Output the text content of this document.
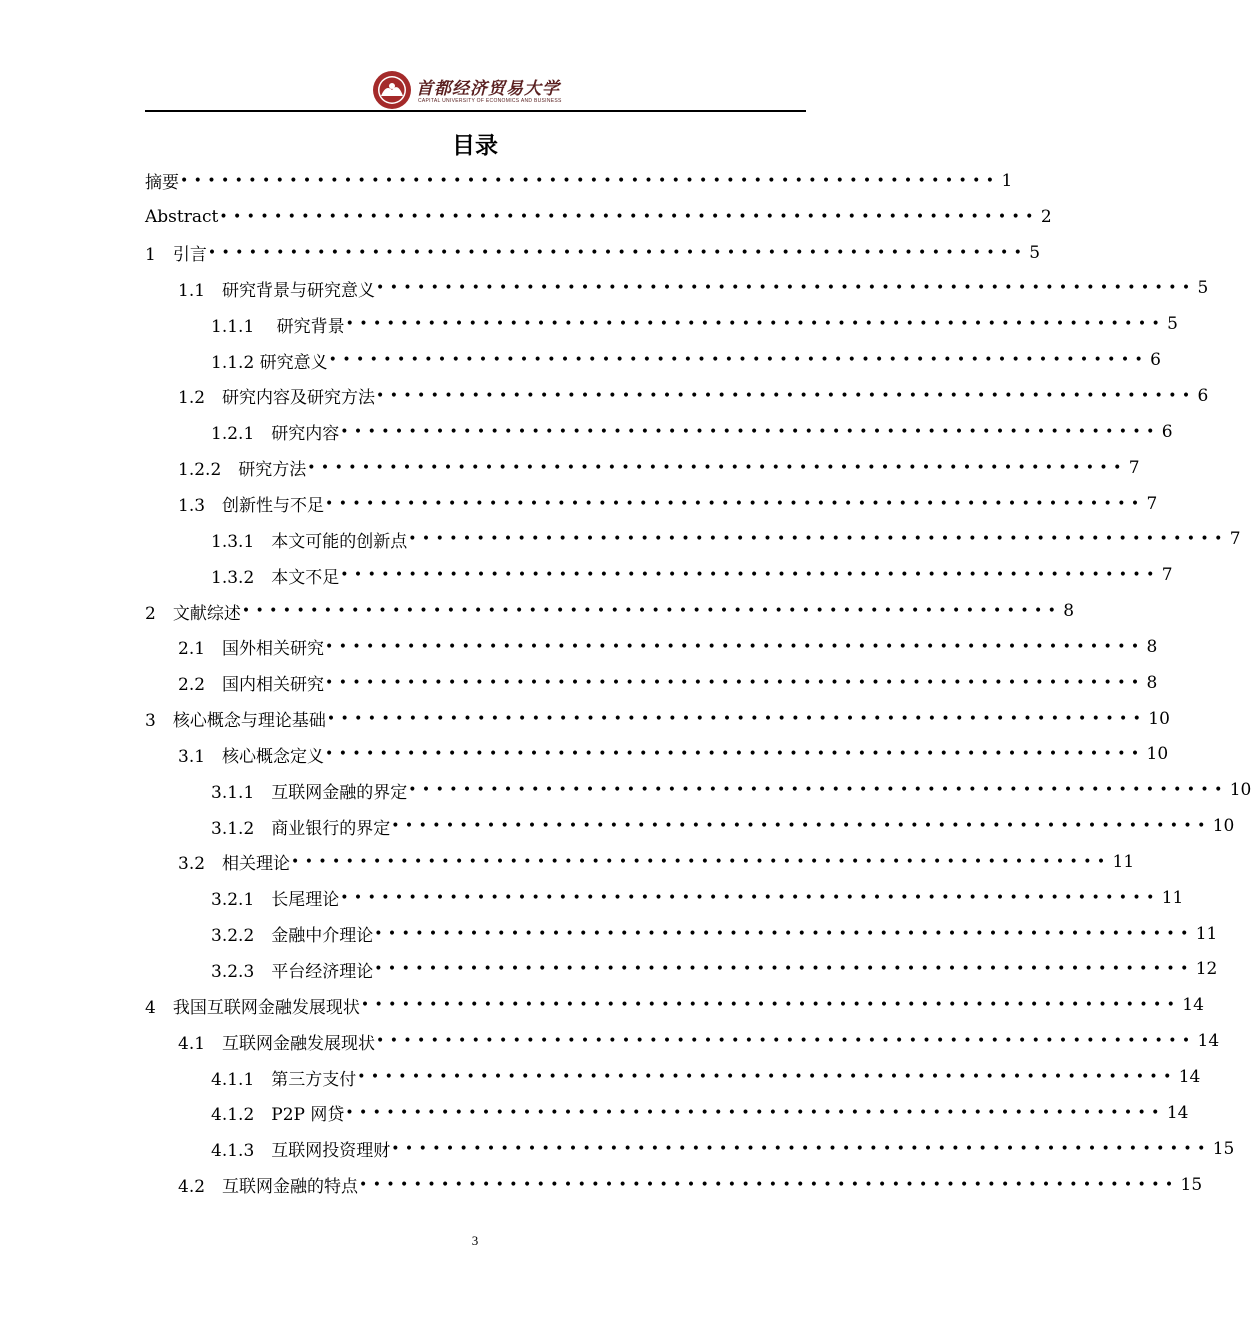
首都经济贸易大学
CAPITAL UNIVERSITY OF ECONOMICS AND BUSINESS
目录
摘要 •••••••••••••••••••••••••••••••••••••••••••••••••••••••••••• 1
Abstract •••••••••••••••••••••••••••••••••••••••••••••••••••••••••••• 2
1　引言 •••••••••••••••••••••••••••••••••••••••••••••••••••••••••••• 5
1.1　研究背景与研究意义 •••••••••••••••••••••••••••••••••••••••••••••••••••••••••••• 5
1.1.1　 研究背景 •••••••••••••••••••••••••••••••••••••••••••••••••••••••••••• 5
1.1.2 研究意义 •••••••••••••••••••••••••••••••••••••••••••••••••••••••••••• 6
1.2　研究内容及研究方法 •••••••••••••••••••••••••••••••••••••••••••••••••••••••••••• 6
1.2.1　研究内容 •••••••••••••••••••••••••••••••••••••••••••••••••••••••••••• 6
1.2.2　研究方法 •••••••••••••••••••••••••••••••••••••••••••••••••••••••••••• 7
1.3　创新性与不足 •••••••••••••••••••••••••••••••••••••••••••••••••••••••••••• 7
1.3.1　本文可能的创新点 •••••••••••••••••••••••••••••••••••••••••••••••••••••••••••• 7
1.3.2　本文不足 •••••••••••••••••••••••••••••••••••••••••••••••••••••••••••• 7
2　文献综述 •••••••••••••••••••••••••••••••••••••••••••••••••••••••••••• 8
2.1　国外相关研究 •••••••••••••••••••••••••••••••••••••••••••••••••••••••••••• 8
2.2　国内相关研究 •••••••••••••••••••••••••••••••••••••••••••••••••••••••••••• 8
3　核心概念与理论基础 •••••••••••••••••••••••••••••••••••••••••••••••••••••••••••• 10
3.1　核心概念定义 •••••••••••••••••••••••••••••••••••••••••••••••••••••••••••• 10
3.1.1　互联网金融的界定 •••••••••••••••••••••••••••••••••••••••••••••••••••••••••••• 10
3.1.2　商业银行的界定 •••••••••••••••••••••••••••••••••••••••••••••••••••••••••••• 10
3.2　相关理论 •••••••••••••••••••••••••••••••••••••••••••••••••••••••••••• 11
3.2.1　长尾理论 •••••••••••••••••••••••••••••••••••••••••••••••••••••••••••• 11
3.2.2　金融中介理论 •••••••••••••••••••••••••••••••••••••••••••••••••••••••••••• 11
3.2.3　平台经济理论 •••••••••••••••••••••••••••••••••••••••••••••••••••••••••••• 12
4　我国互联网金融发展现状 •••••••••••••••••••••••••••••••••••••••••••••••••••••••••••• 14
4.1　互联网金融发展现状 •••••••••••••••••••••••••••••••••••••••••••••••••••••••••••• 14
4.1.1　第三方支付 •••••••••••••••••••••••••••••••••••••••••••••••••••••••••••• 14
4.1.2　P2P 网贷 •••••••••••••••••••••••••••••••••••••••••••••••••••••••••••• 14
4.1.3　互联网投资理财 •••••••••••••••••••••••••••••••••••••••••••••••••••••••••••• 15
4.2　互联网金融的特点 •••••••••••••••••••••••••••••••••••••••••••••••••••••••••••• 15
3
